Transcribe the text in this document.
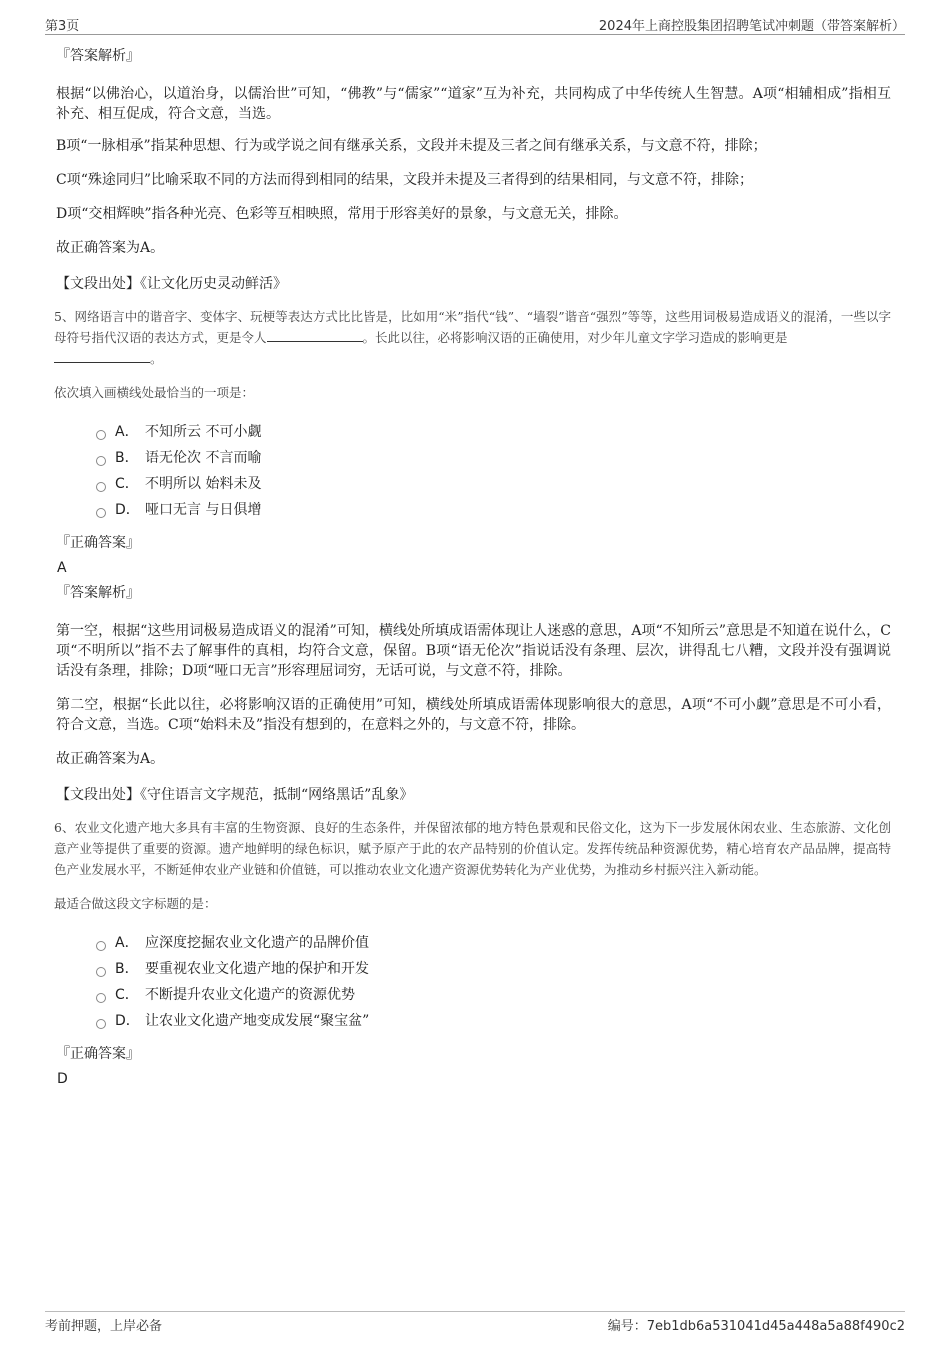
第3页	2024年上商控股集团招聘笔试冲刺题（带答案解析）
『答案解析』

根据“以佛治心，以道治身，以儒治世”可知，“佛教”与“儒家”“道家”互为补充，共同构成了中华传统人生智慧。A项“相辅相成”指相互补充、相互促成，符合文意，当选。

B项“一脉相承”指某种思想、行为或学说之间有继承关系，文段并未提及三者之间有继承关系，与文意不符，排除；

C项“殊途同归”比喻采取不同的方法而得到相同的结果，文段并未提及三者得到的结果相同，与文意不符，排除；

D项“交相辉映”指各种光亮、色彩等互相映照，常用于形容美好的景象，与文意无关，排除。

故正确答案为A。

【文段出处】《让文化历史灵动鲜活》

5、网络语言中的谐音字、变体字、玩梗等表达方式比比皆是，比如用“米”指代“钱”、“墙裂”谐音“强烈”等等，这些用词极易造成语义的混淆，一些以字母符号指代汉语的表达方式，更是令人	。长此以往，必将影响汉语的正确使用，对少年儿童文字学习造成的影响更是
。

依次填入画横线处最恰当的一项是：

A． 不知所云 不可小觑
B． 语无伦次 不言而喻
C． 不明所以 始料未及
D． 哑口无言 与日俱增
『正确答案』
A
『答案解析』

第一空，根据“这些用词极易造成语义的混淆”可知，横线处所填成语需体现让人迷惑的意思，A项“不知所云”意思是不知道在说什么，C项“不明所以”指不去了解事件的真相，均符合文意，保留。B项“语无伦次”指说话没有条理、层次，讲得乱七八糟，文段并没有强调说话没有条理，排除；D项“哑口无言”形容理屈词穷，无话可说，与文意不符，排除。

第二空，根据“长此以往，必将影响汉语的正确使用”可知，横线处所填成语需体现影响很大的意思，A项“不可小觑”意思是不可小看，符合文意，当选。C项“始料未及”指没有想到的，在意料之外的，与文意不符，排除。

故正确答案为A。

【文段出处】《守住语言文字规范，抵制“网络黑话”乱象》

6、农业文化遗产地大多具有丰富的生物资源、良好的生态条件，并保留浓郁的地方特色景观和民俗文化，这为下一步发展休闲农业、生态旅游、文化创意产业等提供了重要的资源。遗产地鲜明的绿色标识，赋予原产于此的农产品特别的价值认定。发挥传统品种资源优势，精心培育农产品品牌，提高特色产业发展水平，不断延伸农业产业链和价值链，可以推动农业文化遗产资源优势转化为产业优势，为推动乡村振兴注入新动能。

最适合做这段文字标题的是：

A． 应深度挖掘农业文化遗产的品牌价值
B． 要重视农业文化遗产地的保护和开发
C． 不断提升农业文化遗产的资源优势
D． 让农业文化遗产地变成发展“聚宝盆”
『正确答案』
D
考前押题，上岸必备	编号：7eb1db6a531041d45a448a5a88f490c2
